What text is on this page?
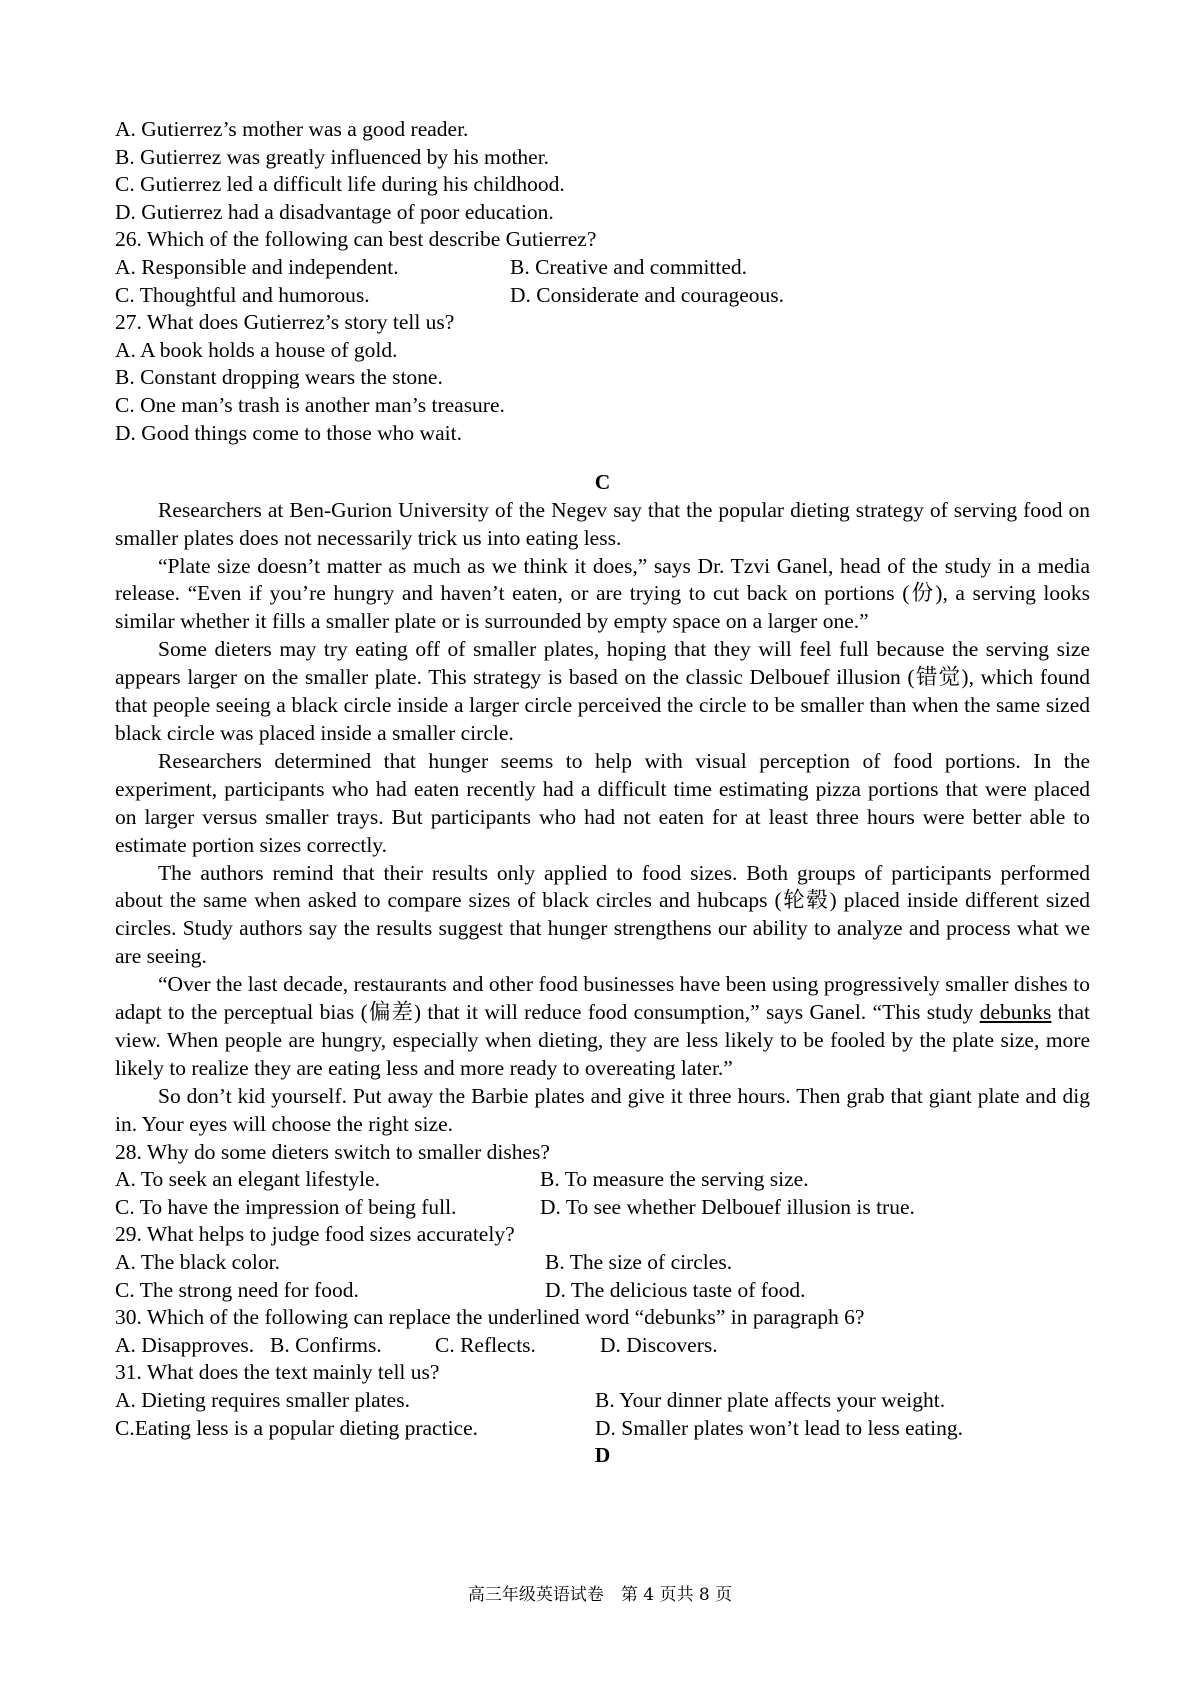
A. Gutierrez’s mother was a good reader.
B. Gutierrez was greatly influenced by his mother.
C. Gutierrez led a difficult life during his childhood.
D. Gutierrez had a disadvantage of poor education.
26. Which of the following can best describe Gutierrez?
A. Responsible and independent.	B. Creative and committed.
C. Thoughtful and humorous.	D. Considerate and courageous.
27. What does Gutierrez’s story tell us?
A. A book holds a house of gold.
B. Constant dropping wears the stone.
C. One man’s trash is another man’s treasure.
D. Good things come to those who wait.
C

Researchers at Ben-Gurion University of the Negev say that the popular dieting strategy of serving food on smaller plates does not necessarily trick us into eating less.

“Plate size doesn’t matter as much as we think it does,” says Dr. Tzvi Ganel, head of the study in a media release. “Even if you’re hungry and haven’t eaten, or are trying to cut back on portions (份), a serving looks similar whether it fills a smaller plate or is surrounded by empty space on a larger one.”

Some dieters may try eating off of smaller plates, hoping that they will feel full because the serving size appears larger on the smaller plate. This strategy is based on the classic Delbouef illusion (错觉), which found that people seeing a black circle inside a larger circle perceived the circle to be smaller than when the same sized black circle was placed inside a smaller circle.

Researchers determined that hunger seems to help with visual perception of food portions. In the experiment, participants who had eaten recently had a difficult time estimating pizza portions that were placed on larger versus smaller trays. But participants who had not eaten for at least three hours were better able to estimate portion sizes correctly.

The authors remind that their results only applied to food sizes. Both groups of participants performed about the same when asked to compare sizes of black circles and hubcaps (轮毂) placed inside different sized circles. Study authors say the results suggest that hunger strengthens our ability to analyze and process what we are seeing.

“Over the last decade, restaurants and other food businesses have been using progressively smaller dishes to adapt to the perceptual bias (偏差) that it will reduce food consumption,” says Ganel. “This study debunks that view. When people are hungry, especially when dieting, they are less likely to be fooled by the plate size, more likely to realize they are eating less and more ready to overeating later.”

So don’t kid yourself. Put away the Barbie plates and give it three hours. Then grab that giant plate and dig in. Your eyes will choose the right size.

28. Why do some dieters switch to smaller dishes?
A. To seek an elegant lifestyle.	B. To measure the serving size.
C. To have the impression of being full.	D. To see whether Delbouef illusion is true.
29. What helps to judge food sizes accurately?
A. The black color.	B. The size of circles.
C. The strong need for food.	D. The delicious taste of food.
30. Which of the following can replace the underlined word “debunks” in paragraph 6?
A. Disapproves. B. Confirms. C. Reflects.	D. Discovers.
31. What does the text mainly tell us?
A. Dieting requires smaller plates.	B. Your dinner plate affects your weight.
C.Eating less is a popular dieting practice.	D. Smaller plates won’t lead to less eating.
D
高三年级英语试卷　第 4 页共 8 页
